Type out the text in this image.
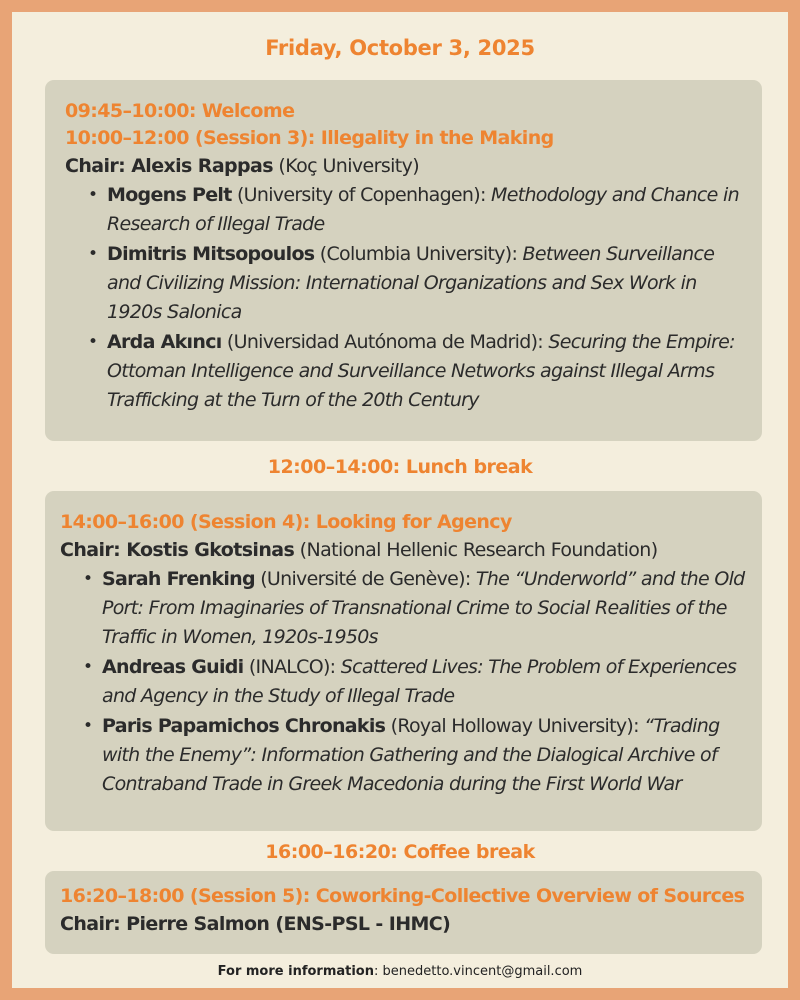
Friday, October 3, 2025
09:45–10:00: Welcome
10:00–12:00 (Session 3): Illegality in the Making
Chair: Alexis Rappas (Koç University)
• Mogens Pelt (University of Copenhagen): Methodology and Chance in Research of Illegal Trade
• Dimitris Mitsopoulos (Columbia University): Between Surveillance and Civilizing Mission: International Organizations and Sex Work in 1920s Salonica
• Arda Akıncı (Universidad Autónoma de Madrid): Securing the Empire: Ottoman Intelligence and Surveillance Networks against Illegal Arms Trafficking at the Turn of the 20th Century
12:00–14:00: Lunch break
14:00–16:00 (Session 4): Looking for Agency
Chair: Kostis Gkotsinas (National Hellenic Research Foundation)
• Sarah Frenking (Université de Genève): The “Underworld” and the Old Port: From Imaginaries of Transnational Crime to Social Realities of the Traffic in Women, 1920s-1950s
• Andreas Guidi (INALCO): Scattered Lives: The Problem of Experiences and Agency in the Study of Illegal Trade
• Paris Papamichos Chronakis (Royal Holloway University): “Trading with the Enemy”: Information Gathering and the Dialogical Archive of Contraband Trade in Greek Macedonia during the First World War
16:00–16:20: Coffee break
16:20–18:00 (Session 5): Coworking-Collective Overview of Sources
Chair: Pierre Salmon (ENS-PSL - IHMC)
For more information: benedetto.vincent@gmail.com
